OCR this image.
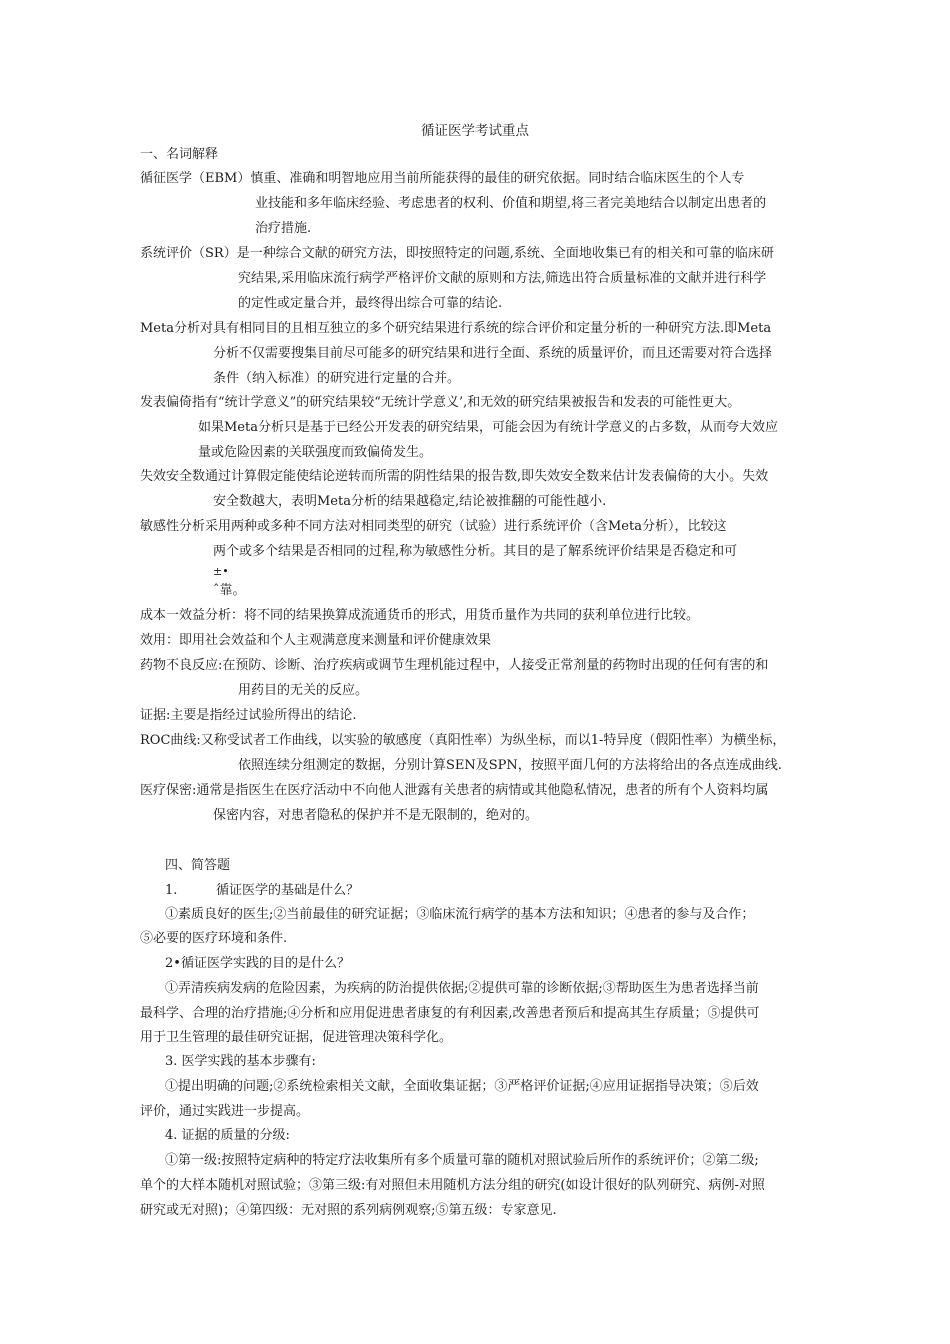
循证医学考试重点
一、名词解释
循征医学（EBM）慎重、准确和明智地应用当前所能获得的最佳的研究依据。同时结合临床医生的个人专
业技能和多年临床经验、考虑患者的权利、价值和期望,将三者完美地结合以制定出患者的
治疗措施.
系统评价（SR）是一种综合文献的研究方法，即按照特定的问题,系统、全面地收集已有的相关和可靠的临床研
究结果,采用临床流行病学严格评价文献的原则和方法,筛选出符合质量标准的文献并进行科学
的定性或定量合并，最终得出综合可靠的结论.
Meta分析对具有相同目的且相互独立的多个研究结果进行系统的综合评价和定量分析的一种研究方法.即Meta
分析不仅需要搜集目前尽可能多的研究结果和进行全面、系统的质量评价，而且还需要对符合选择
条件（纳入标准）的研究进行定量的合并。
发表偏倚指有“统计学意义”的研究结果较“无统计学意义’,和无效的研究结果被报告和发表的可能性更大。
如果Meta分析只是基于已经公开发表的研究结果，可能会因为有统计学意义的占多数，从而夸大效应
量或危险因素的关联强度而致偏倚发生。
失效安全数通过计算假定能使结论逆转而所需的阴性结果的报告数,即失效安全数来估计发表偏倚的大小。失效
安全数越大，表明Meta分析的结果越稳定,结论被推翻的可能性越小.
敏感性分析采用两种或多种不同方法对相同类型的研究（试验）进行系统评价（含Meta分析），比较这
两个或多个结果是否相同的过程,称为敏感性分析。其目的是了解系统评价结果是否稳定和可
±•
ˆ靠。
成本一效益分析：将不同的结果换算成流通货币的形式，用货币量作为共同的获利单位进行比较。
效用：即用社会效益和个人主观满意度来测量和评价健康效果
药物不良反应:在预防、诊断、治疗疾病或调节生理机能过程中，人接受正常剂量的药物时出现的任何有害的和
用药目的无关的反应。
证据:主要是指经过试验所得出的结论.
ROC曲线:又称受试者工作曲线，以实验的敏感度（真阳性率）为纵坐标，而以1-特异度（假阳性率）为横坐标，
依照连续分组测定的数据，分别计算SEN及SPN，按照平面几何的方法将给出的各点连成曲线.
医疗保密:通常是指医生在医疗活动中不向他人泄露有关患者的病情或其他隐私情况，患者的所有个人资料均属
保密内容，对患者隐私的保护并不是无限制的，绝对的。
四、简答题
1.	循证医学的基础是什么？
①素质良好的医生;②当前最佳的研究证据；③临床流行病学的基本方法和知识；④患者的参与及合作；
⑤必要的医疗环境和条件.
2•循证医学实践的目的是什么？
①弄清疾病发病的危险因素，为疾病的防治提供依据;②提供可靠的诊断依据;③帮助医生为患者选择当前
最科学、合理的治疗措施;④分析和应用促进患者康复的有利因素,改善患者预后和提高其生存质量；⑤提供可
用于卫生管理的最佳研究证据，促进管理决策科学化。
3. 医学实践的基本步骤有:
①提出明确的问题;②系统检索相关文献，全面收集证据；③严格评价证据;④应用证据指导决策；⑤后效
评价，通过实践进一步提高。
4. 证据的质量的分级:
①第一级:按照特定病种的特定疗法收集所有多个质量可靠的随机对照试验后所作的系统评价；②第二级;
单个的大样本随机对照试验；③第三级:有对照但未用随机方法分组的研究(如设计很好的队列研究、病例-对照
研究或无对照)；④第四级：无对照的系列病例观察;⑤第五级：专家意见.
